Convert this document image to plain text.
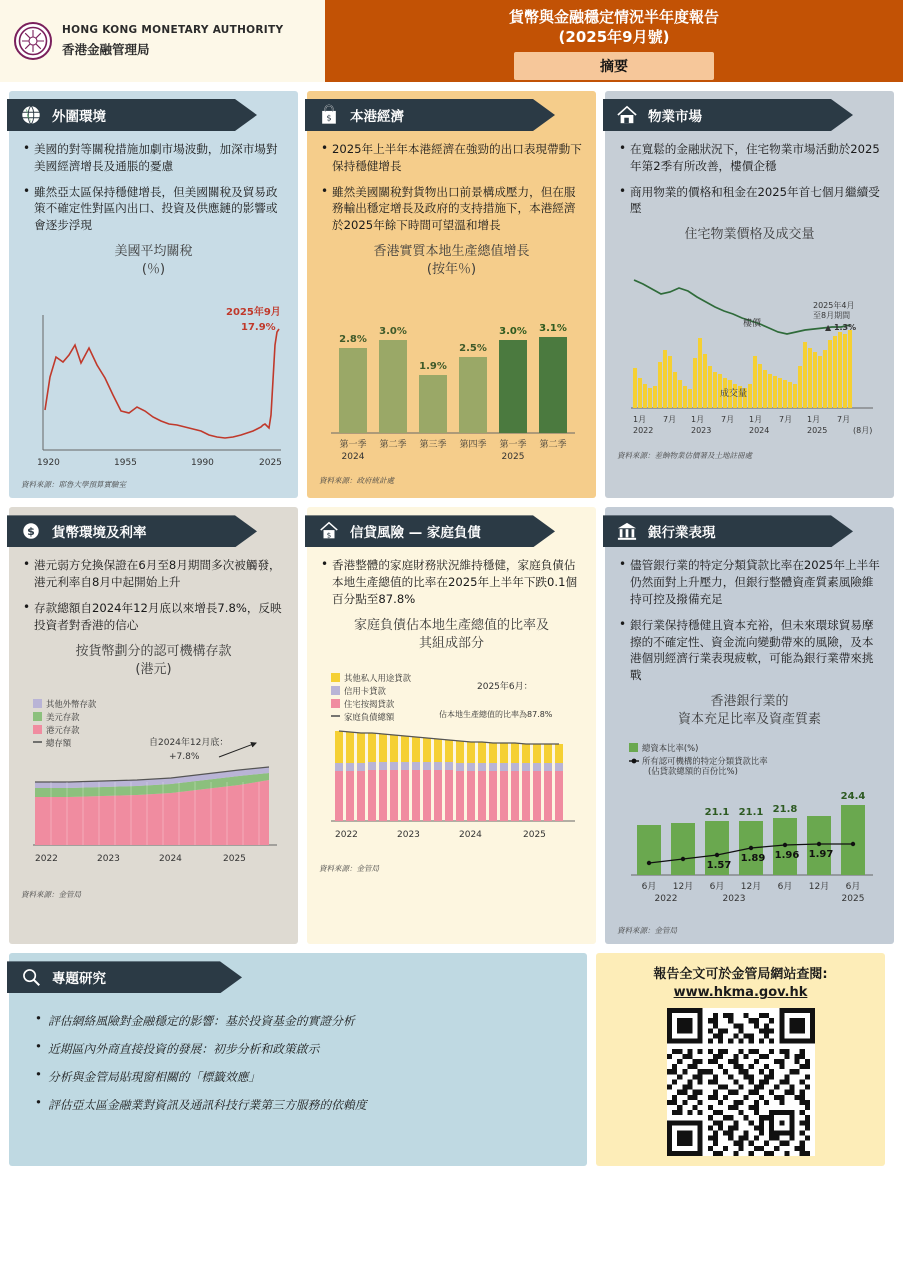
HONG KONG MONETARY AUTHORITY
香港金融管理局
貨幣與金融穩定情況半年度報告
(2025年9月號)
摘要
外圍環境
• 美國的對等關稅措施加劇市場波動，加深市場對美國經濟增長及通脹的憂慮
• 雖然亞太區保持穩健增長，但美國關稅及貿易政策不確定性對區內出口、投資及供應鏈的影響或會逐步浮現
美國平均關稅
(％)
1920	1955	1990	2025
2025年9月
17.9%
資料來源：耶魯大學預算實驗室
$ 本港經濟
• 2025年上半年本港經濟在強勁的出口表現帶動下保持穩健增長
• 雖然美國關稅對貨物出口前景構成壓力，但在服務輸出穩定增長及政府的支持措施下，本港經濟於2025年餘下時間可望溫和增長
香港實質本地生產總值增長
(按年％)
2.8%
3.0%
1.9%
2.5%
3.0% 3.1%
第一季 第二季 第三季 第四季 第一季 第二季
2024	2025
資料來源：政府統計處
物業市場
• 在寬鬆的金融狀況下，住宅物業市場活動於2025年第2季有所改善，樓價企穩
• 商用物業的價格和租金在2025年首七個月繼續受壓
住宅物業價格及成交量
樓價
成交量
2025年4月
至8月期間
▲ 1.3%
1月 7月 1月 7月 1月 7月 1月 7月
2022	2023	2024	2025	(8月)
資料來源：差餉物業估價署及土地註冊處
$ 貨幣環境及利率
• 港元弱方兌換保證在6月至8月期間多次被觸發，港元利率自8月中起開始上升
• 存款總額自2024年12月底以來增長7.8%，反映投資者對香港的信心
按貨幣劃分的認可機構存款
(港元)
其他外幣存款
美元存款
港元存款
總存額	自2024年12月底：
+7.8%
2022	2023	2024	2025
資料來源：金管局
$ 信貸風險 — 家庭負債
• 香港整體的家庭財務狀況維持穩健，家庭負債佔本地生產總值的比率在2025年上半年下跌0.1個百分點至87.8%
家庭負債佔本地生產總值的比率及
其組成部分
其他私人用途貸款
信用卡貸款
住宅按揭貸款
家庭負債總額
2025年6月：
佔本地生產總值的比率為87.8%
2022	2023	2024	2025
資料來源：金管局
銀行業表現
• 儘管銀行業的特定分類貸款比率在2025年上半年仍然面對上升壓力，但銀行整體資產質素風險維持可控及撥備充足
• 銀行業保持穩健且資本充裕，但未來環球貿易摩擦的不確定性、資金流向變動帶來的風險，及本港個別經濟行業表現疲軟，可能為銀行業帶來挑戰
香港銀行業的
資本充足比率及資產質素
總資本比率(%)
所有認可機構的特定分類貸款比率
(佔貸款總額的百份比%)
21.1 21.1 21.8
24.4
1.57
1.89 1.96 1.97
6月 12月 6月 12月 6月 12月 6月
2022	2023	2025
資料來源：金管局
專題研究
• 評估網絡風險對金融穩定的影響：基於投資基金的實證分析
• 近期區內外商直接投資的發展：初步分析和政策啟示
• 分析與金管局貼現窗相關的「標籤效應」
• 評估亞太區金融業對資訊及通訊科技行業第三方服務的依賴度
報告全文可於金管局網站查閱:
www.hkma.gov.hk
